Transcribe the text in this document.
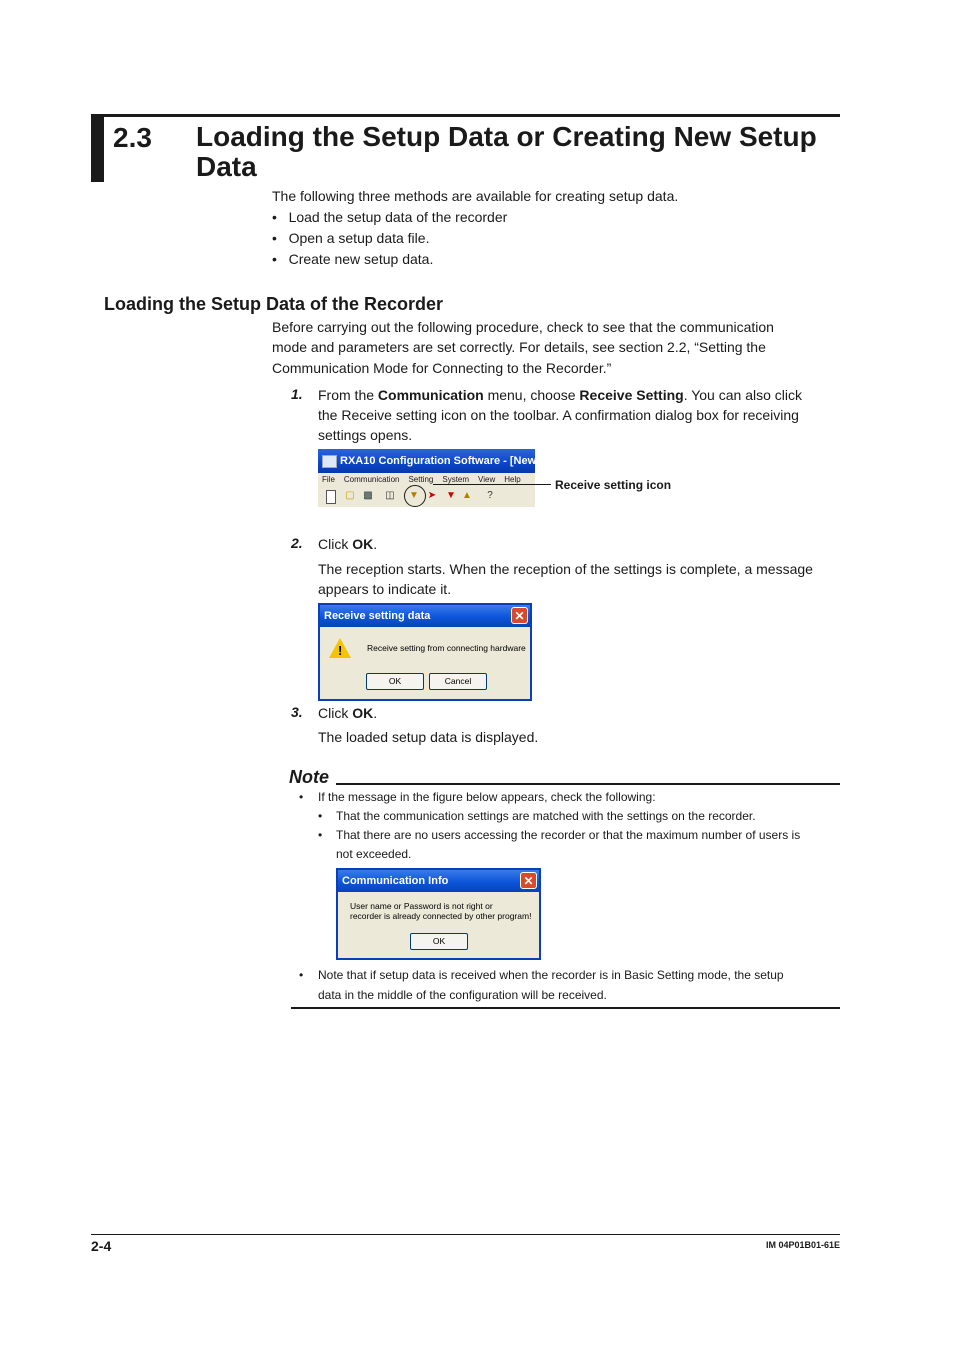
2.3 Loading the Setup Data or Creating New Setup Data
The following three methods are available for creating setup data.
•   Load the setup data of the recorder
•   Open a setup data file.
•   Create new setup data.
Loading the Setup Data of the Recorder
Before carrying out the following procedure, check to see that the communication
mode and parameters are set correctly. For details, see section 2.2, “Setting the
Communication Mode for Connecting to the Recorder.”
1. From the Communication menu, choose Receive Setting. You can also click
the Receive setting icon on the toolbar. A confirmation dialog box for receiving
settings opens.
RXA10 Configuration Software - [NewFile]
File Communication Setting System View Help
▢ ▩ ◫ ▼ ➤ ▼ ▲	?
Receive setting icon
2. Click OK.
The reception starts. When the reception of the settings is complete, a message
appears to indicate it.
Receive setting data	✕
!	Receive setting from connecting hardware
OK	Cancel
3. Click OK.
The loaded setup data is displayed.
Note
• If the message in the figure below appears, check the following:
• That the communication settings are matched with the settings on the recorder.
• That there are no users accessing the recorder or that the maximum number of users is
not exceeded.
Communication Info	✕
User name or Password is not right or
recorder is already connected by other program!
OK
• Note that if setup data is received when the recorder is in Basic Setting mode, the setup
data in the middle of the configuration will be received.
2-4	IM 04P01B01-61E
